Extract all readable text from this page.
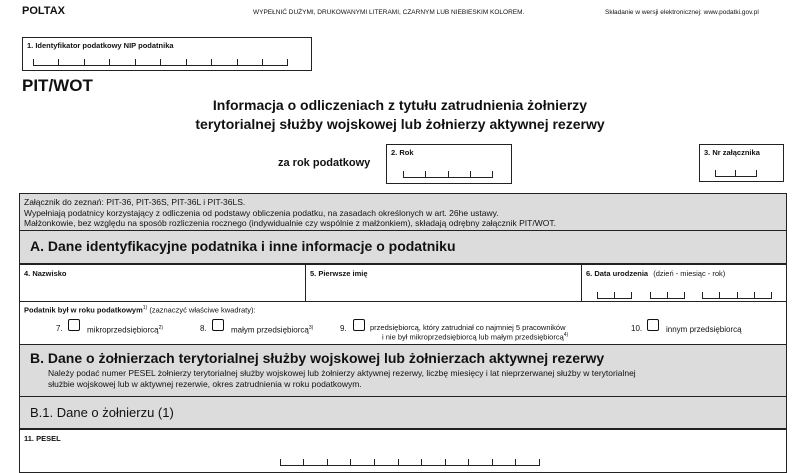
POLTAX	WYPEŁNIĆ DUŻYMI, DRUKOWANYMI LITERAMI, CZARNYM LUB NIEBIESKIM KOLOREM.	Składanie w wersji elektronicznej: www.podatki.gov.pl
1. Identyfikator podatkowy NIP podatnika
PIT/WOT
Informacja o odliczeniach z tytułu zatrudnienia żołnierzy
terytorialnej służby wojskowej lub żołnierzy aktywnej rezerwy
za rok podatkowy
2. Rok	3. Nr załącznika
Załącznik do zeznań: PIT-36, PIT-36S, PIT-36L i PIT-36LS.
Wypełniają podatnicy korzystający z odliczenia od podstawy obliczenia podatku, na zasadach określonych w art. 26he ustawy.
Małżonkowie, bez względu na sposób rozliczenia rocznego (indywidualnie czy wspólnie z małżonkiem), składają odrębny załącznik PIT/WOT.
A. Dane identyfikacyjne podatnika i inne informacje o podatniku
4. Nazwisko	5. Pierwsze imię	6. Data urodzenia (dzień - miesiąc - rok)
Podatnik był w roku podatkowym$^{1)}$ (zaznaczyć właściwe kwadraty):
7.	mikroprzedsiębiorcą$^{2)}$	8.	małym przedsiębiorcą$^{3)}$	9.	przedsiębiorcą, który zatrudniał co najmniej 5 pracowników
i nie był mikroprzedsiębiorcą lub małym przedsiębiorcą$^{4)}$
10.	innym przedsiębiorcą
B. Dane o żołnierzach terytorialnej służby wojskowej lub żołnierzach aktywnej rezerwy
Należy podać numer PESEL żołnierzy terytorialnej służby wojskowej lub żołnierzy aktywnej rezerwy, liczbę miesięcy i lat nieprzerwanej służby w terytorialnej
służbie wojskowej lub w aktywnej rezerwie, okres zatrudnienia w roku podatkowym.
B.1. Dane o żołnierzu (1)
11. PESEL
